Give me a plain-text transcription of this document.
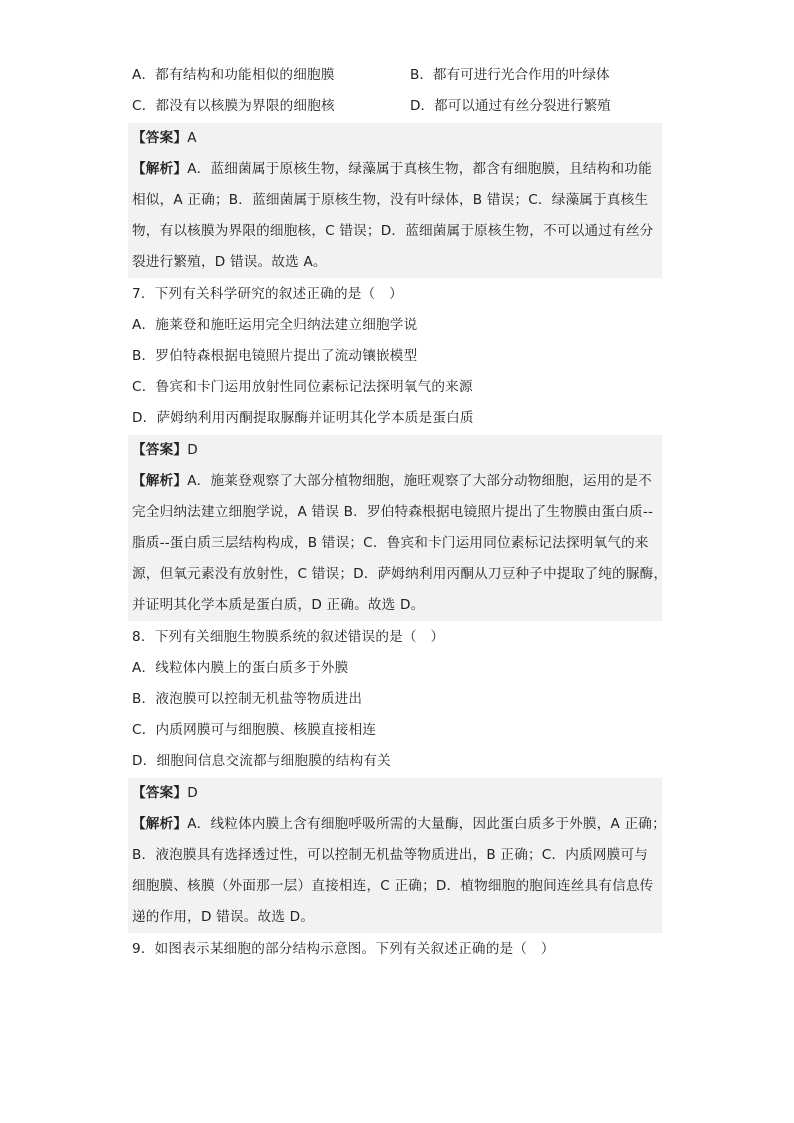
A．都有结构和功能相似的细胞膜	B．都有可进行光合作用的叶绿体
C．都没有以核膜为界限的细胞核	D．都可以通过有丝分裂进行繁殖
【答案】A
【解析】A．蓝细菌属于原核生物，绿藻属于真核生物，都含有细胞膜，且结构和功能
相似，A 正确；B．蓝细菌属于原核生物，没有叶绿体，B 错误；C．绿藻属于真核生
物，有以核膜为界限的细胞核，C 错误；D．蓝细菌属于原核生物，不可以通过有丝分
裂进行繁殖，D 错误。故选 A。
7．下列有关科学研究的叙述正确的是（　）
A．施莱登和施旺运用完全归纳法建立细胞学说
B．罗伯特森根据电镜照片提出了流动镶嵌模型
C．鲁宾和卡门运用放射性同位素标记法探明氧气的来源
D．萨姆纳利用丙酮提取脲酶并证明其化学本质是蛋白质
【答案】D
【解析】A．施莱登观察了大部分植物细胞，施旺观察了大部分动物细胞，运用的是不
完全归纳法建立细胞学说，A 错误 B．罗伯特森根据电镜照片提出了生物膜由蛋白质--
脂质--蛋白质三层结构构成，B 错误；C．鲁宾和卡门运用同位素标记法探明氧气的来
源，但氧元素没有放射性，C 错误；D．萨姆纳利用丙酮从刀豆种子中提取了纯的脲酶，
并证明其化学本质是蛋白质，D 正确。故选 D。
8．下列有关细胞生物膜系统的叙述错误的是（　）
A．线粒体内膜上的蛋白质多于外膜
B．液泡膜可以控制无机盐等物质进出
C．内质网膜可与细胞膜、核膜直接相连
D．细胞间信息交流都与细胞膜的结构有关
【答案】D
【解析】A．线粒体内膜上含有细胞呼吸所需的大量酶，因此蛋白质多于外膜，A 正确；
B．液泡膜具有选择透过性，可以控制无机盐等物质进出，B 正确；C．内质网膜可与
细胞膜、核膜（外面那一层）直接相连，C 正确；D．植物细胞的胞间连丝具有信息传
递的作用，D 错误。故选 D。
9．如图表示某细胞的部分结构示意图。下列有关叙述正确的是（　）
